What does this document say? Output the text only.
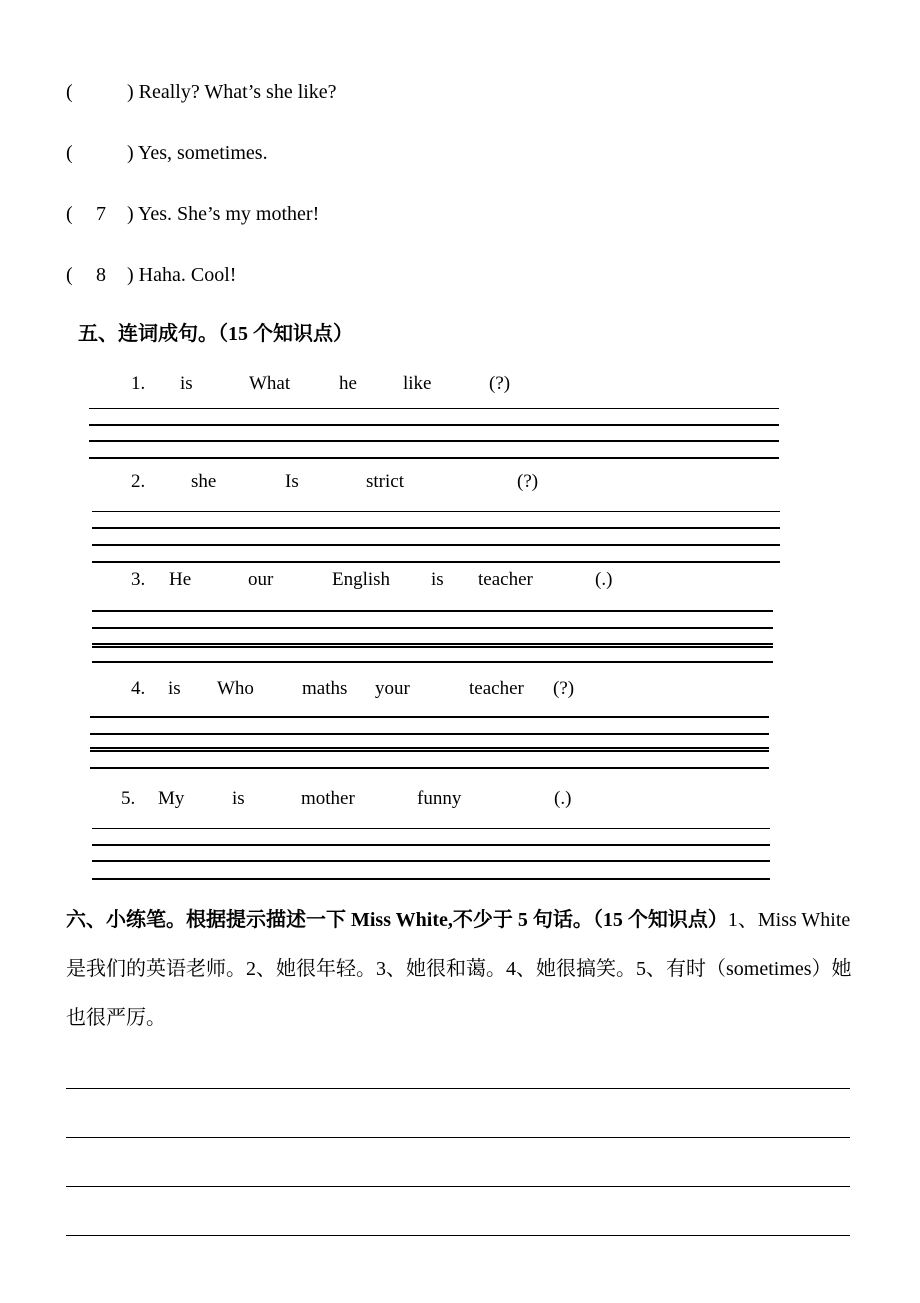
(	) Really? What’s she like?
(	) Yes, sometimes.
( 7 ) Yes. She’s my mother!
( 8 ) Haha. Cool!
五、连词成句。（15 个知识点）
1. is	What	he like	(?)
2. she	Is	strict	(?)
3. He	our	English is teacher	(.)
4. is Who	maths your	teacher (?)
5. My	is	mother	funny	(.)
六、小练笔。根据提示描述一下 Miss White,不少于 5 句话。（15 个知识点）1、Miss White 是我们的英语老师。2、她很年轻。3、她很和蔼。4、她很搞笑。5、有时（sometimes）她也很严厉。
